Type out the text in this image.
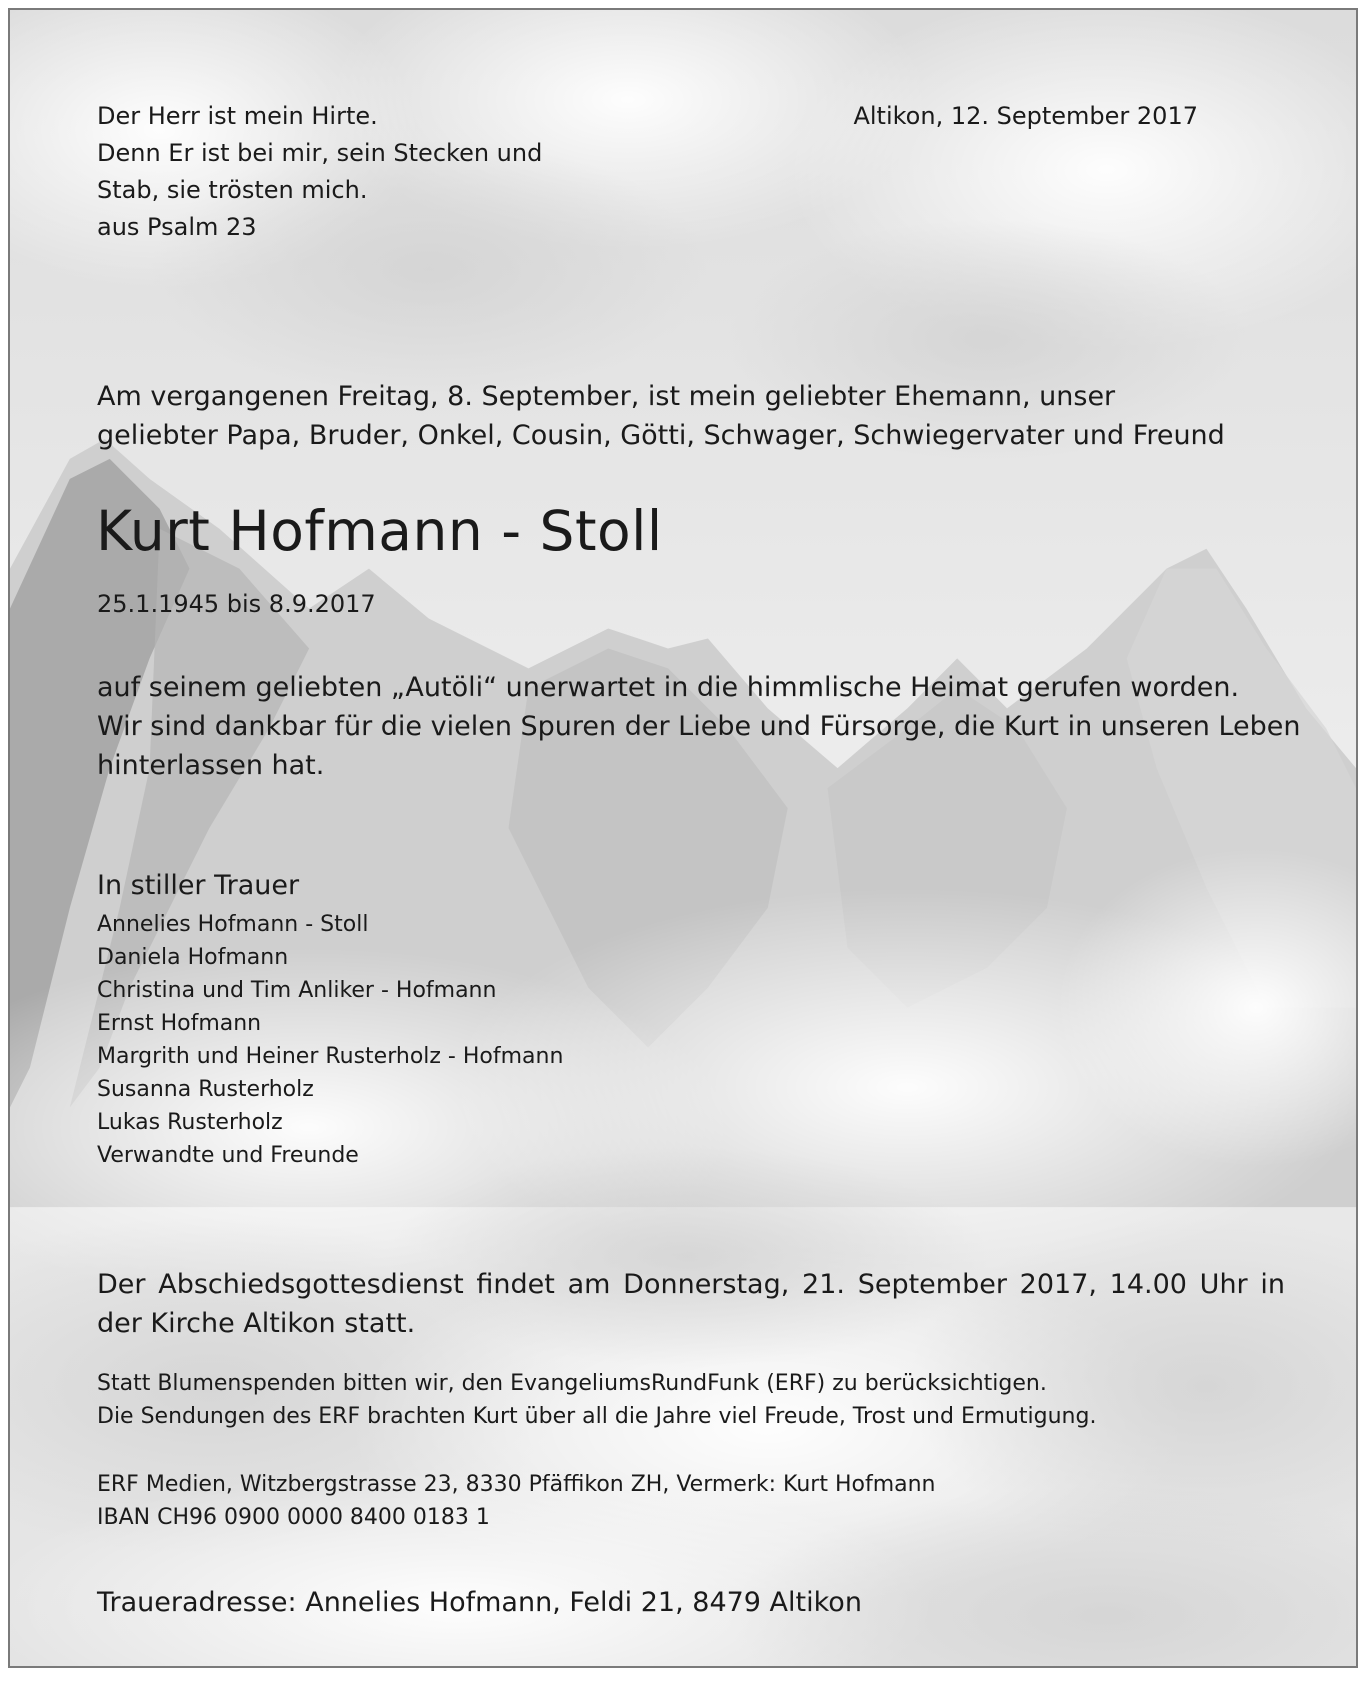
Der Herr ist mein Hirte.
Denn Er ist bei mir, sein Stecken und
Stab, sie trösten mich.
aus Psalm 23
Altikon, 12. September 2017
Am vergangenen Freitag, 8. September, ist mein geliebter Ehemann, unser
geliebter Papa, Bruder, Onkel, Cousin, Götti, Schwager, Schwiegervater und Freund
Kurt Hofmann - Stoll
25.1.1945 bis 8.9.2017
auf seinem geliebten „Autöli“ unerwartet in die himmlische Heimat gerufen worden.
Wir sind dankbar für die vielen Spuren der Liebe und Fürsorge, die Kurt in unseren Leben
hinterlassen hat.
In stiller Trauer
Annelies Hofmann - Stoll
Daniela Hofmann
Christina und Tim Anliker - Hofmann
Ernst Hofmann
Margrith und Heiner Rusterholz - Hofmann
Susanna Rusterholz
Lukas Rusterholz
Verwandte und Freunde
Der Abschiedsgottesdienst findet am Donnerstag, 21. September 2017, 14.00 Uhr in der Kirche Altikon statt.
Statt Blumenspenden bitten wir, den EvangeliumsRundFunk (ERF) zu berücksichtigen.
Die Sendungen des ERF brachten Kurt über all die Jahre viel Freude, Trost und Ermutigung.
ERF Medien, Witzbergstrasse 23, 8330 Pfäffikon ZH, Vermerk: Kurt Hofmann
IBAN CH96 0900 0000 8400 0183 1
Traueradresse: Annelies Hofmann, Feldi 21, 8479 Altikon
